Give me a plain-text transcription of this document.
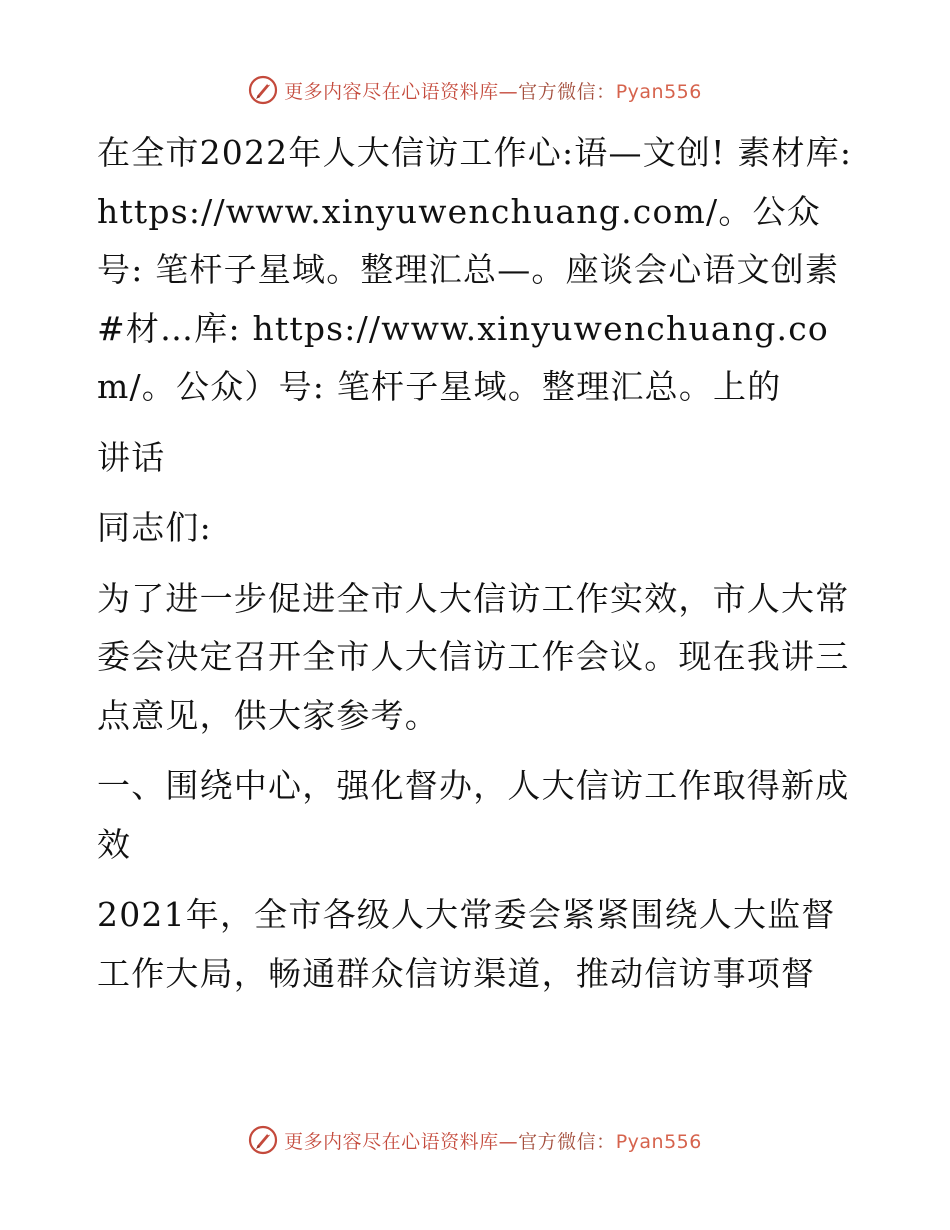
更多内容尽在心语资料库—官方微信：Pyan556

在全市2022年人大信访工作心:语—文创! 素材库: https://www.xinyuwenchuang.com/。公众号: 笔杆子星域。整理汇总—。座谈会心语文创素#材…库: https://www.xinyuwenchuang.com/。公众）号: 笔杆子星域。整理汇总。上的

讲话

同志们:

为了进一步促进全市人大信访工作实效，市人大常委会决定召开全市人大信访工作会议。现在我讲三点意见，供大家参考。

一、围绕中心，强化督办，人大信访工作取得新成效

2021年，全市各级人大常委会紧紧围绕人大监督工作大局，畅通群众信访渠道，推动信访事项督

更多内容尽在心语资料库—官方微信：Pyan556
